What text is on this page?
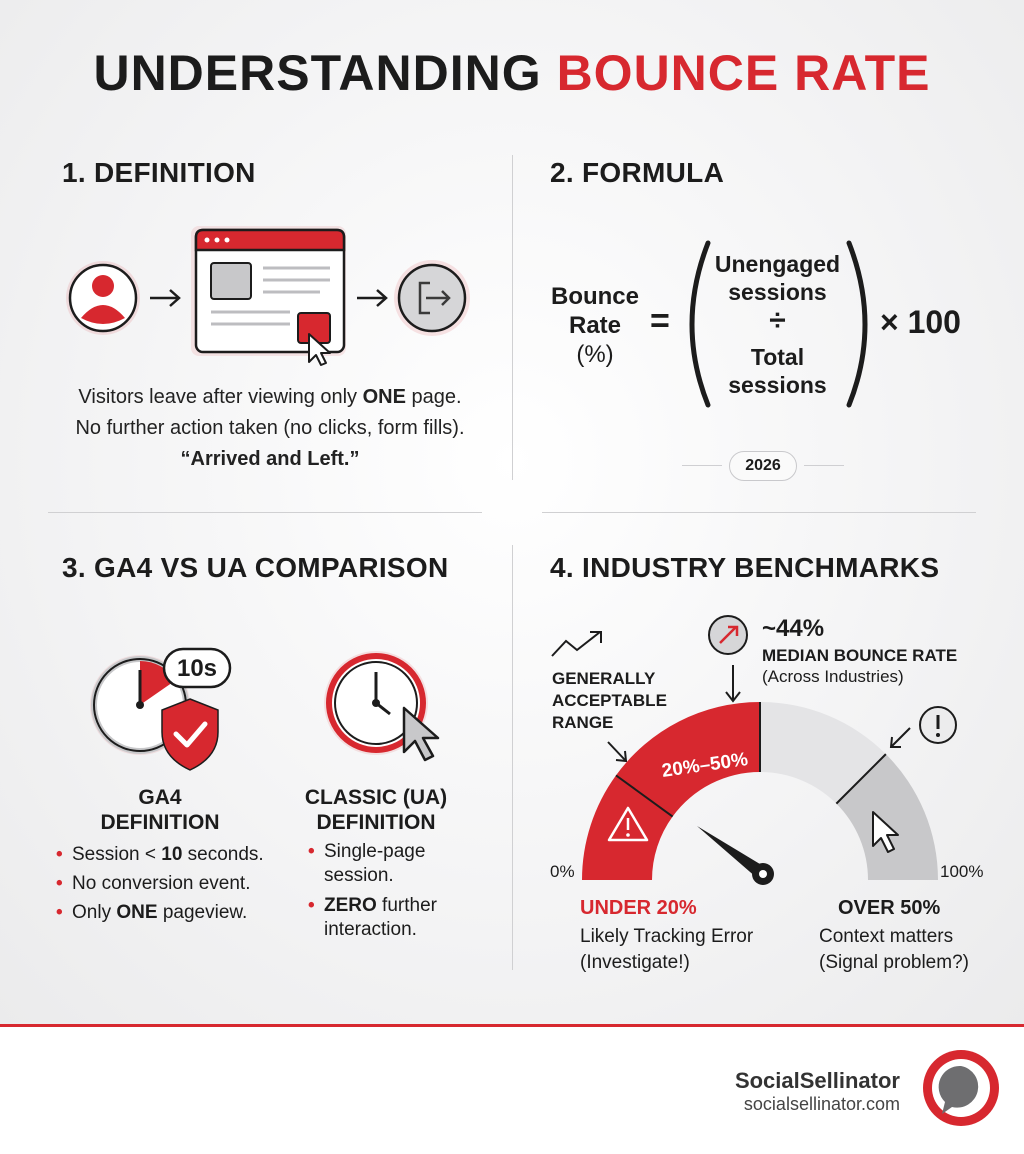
UNDERSTANDING BOUNCE RATE
1. DEFINITION
Visitors leave after viewing only ONE page.
No further action taken (no clicks, form fills).
“Arrived and Left.”
2. FORMULA
Bounce
Rate
(%)
=
Unengaged
sessions
÷
Total
sessions
× 100
2026
3. GA4 VS UA COMPARISON
10s
GA4
DEFINITION
• Session < 10 seconds.
• No conversion event.
• Only ONE pageview.
CLASSIC (UA)
DEFINITION
• Single-page
session.
• ZERO further
interaction.
4. INDUSTRY BENCHMARKS
GENERALLY
ACCEPTABLE
RANGE
~44%
MEDIAN BOUNCE RATE
(Across Industries)
20%–50%
0%	100%
UNDER 20%
Likely Tracking Error
(Investigate!)
OVER 50%
Context matters
(Signal problem?)
SocialSellinator
socialsellinator.com
